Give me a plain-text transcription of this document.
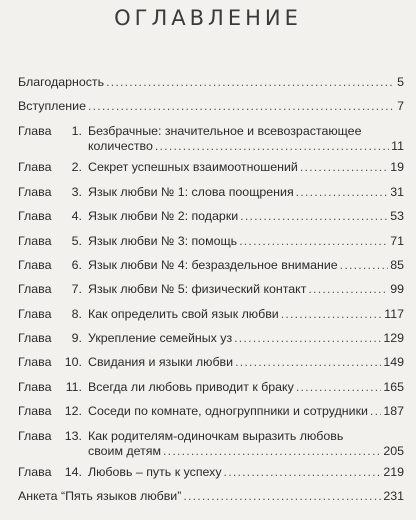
ОГЛАВЛЕНИЕ
Благодарность .....	5
Вступление .....	7
Глава	1. Безбрачные: значительное и всевозрастающее
количество .....	11
Глава	2. Секрет успешных взаимоотношений .....	19
Глава	3. Язык любви № 1: слова поощрения .....	31
Глава	4. Язык любви № 2: подарки .....	53
Глава	5. Язык любви № 3: помощь .....	71
Глава	6. Язык любви № 4: безраздельное внимание .....	85
Глава	7. Язык любви № 5: физический контакт .....	99
Глава	8. Как определить свой язык любви .....	117
Глава	9. Укрепление семейных уз .....	129
Глава	10. Свидания и языки любви .....	149
Глава	11. Всегда ли любовь приводит к браку .....	165
Глава	12. Соседи по комнате, одногруппники и сотрудники ..... 187
Глава	13. Как родителям-одиночкам выразить любовь
своим детям .....	205
Глава	14. Любовь – путь к успеху .....	219
Анкета “Пять языков любви” .....	231
